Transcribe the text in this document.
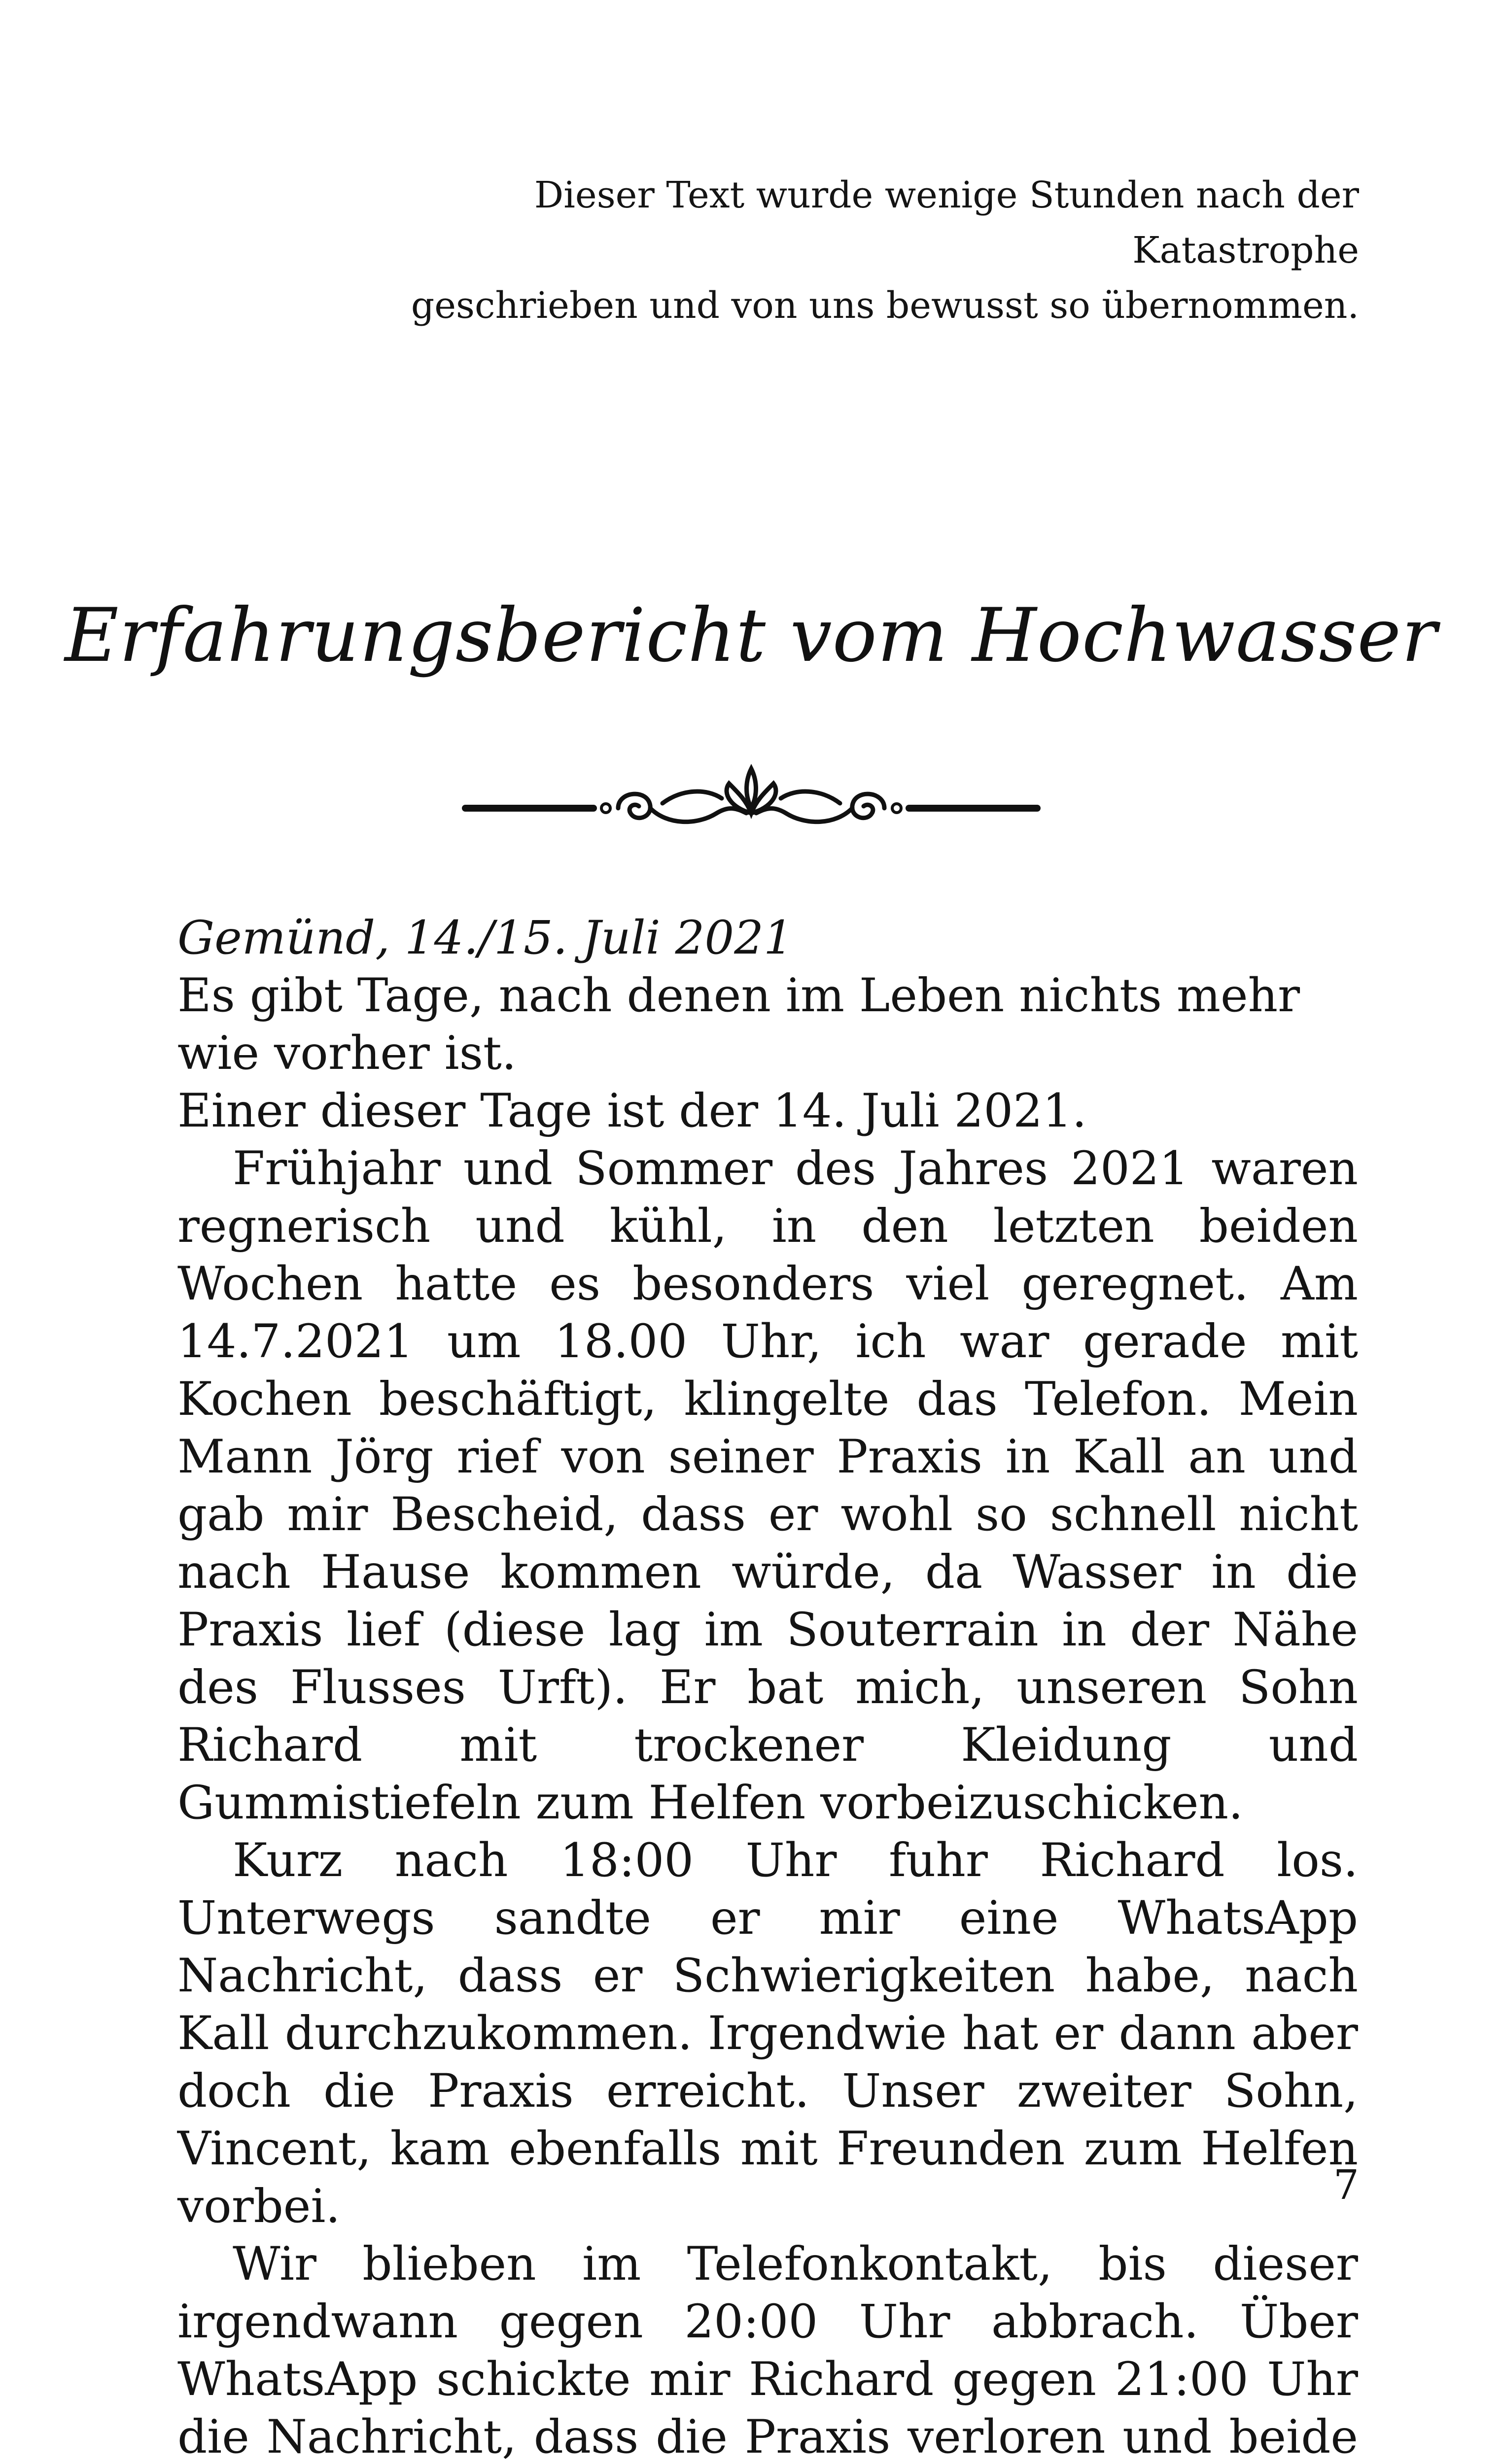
Dieser Text wurde wenige Stunden nach der Katastrophe
geschrieben und von uns bewusst so übernommen.
Erfahrungsbericht vom Hochwasser
Gemünd, 14./15. Juli 2021

Es gibt Tage, nach denen im Leben nichts mehr wie vorher ist.
Einer dieser Tage ist der 14. Juli 2021.

Frühjahr und Sommer des Jahres 2021 waren regnerisch und kühl, in den letzten beiden Wochen hatte es besonders viel geregnet. Am 14.7.2021 um 18.00 Uhr, ich war gerade mit Kochen beschäftigt, klingelte das Telefon. Mein Mann Jörg rief von seiner Praxis in Kall an und gab mir Bescheid, dass er wohl so schnell nicht nach Hause kommen würde, da Wasser in die Praxis lief (diese lag im Souterrain in der Nähe des Flusses Urft). Er bat mich, unseren Sohn Richard mit trockener Kleidung und Gummistiefeln zum Helfen vorbeizuschicken.

Kurz nach 18:00 Uhr fuhr Richard los. Unterwegs sandte er mir eine WhatsApp Nachricht, dass er Schwierigkeiten habe, nach Kall durchzukommen. Irgendwie hat er dann aber doch die Praxis erreicht. Unser zweiter Sohn, Vincent, kam ebenfalls mit Freunden zum Helfen vorbei.

Wir blieben im Telefonkontakt, bis dieser irgendwann gegen 20:00 Uhr abbrach. Über WhatsApp schickte mir Richard gegen 21:00 Uhr die Nachricht, dass die Praxis verloren und beide

7
